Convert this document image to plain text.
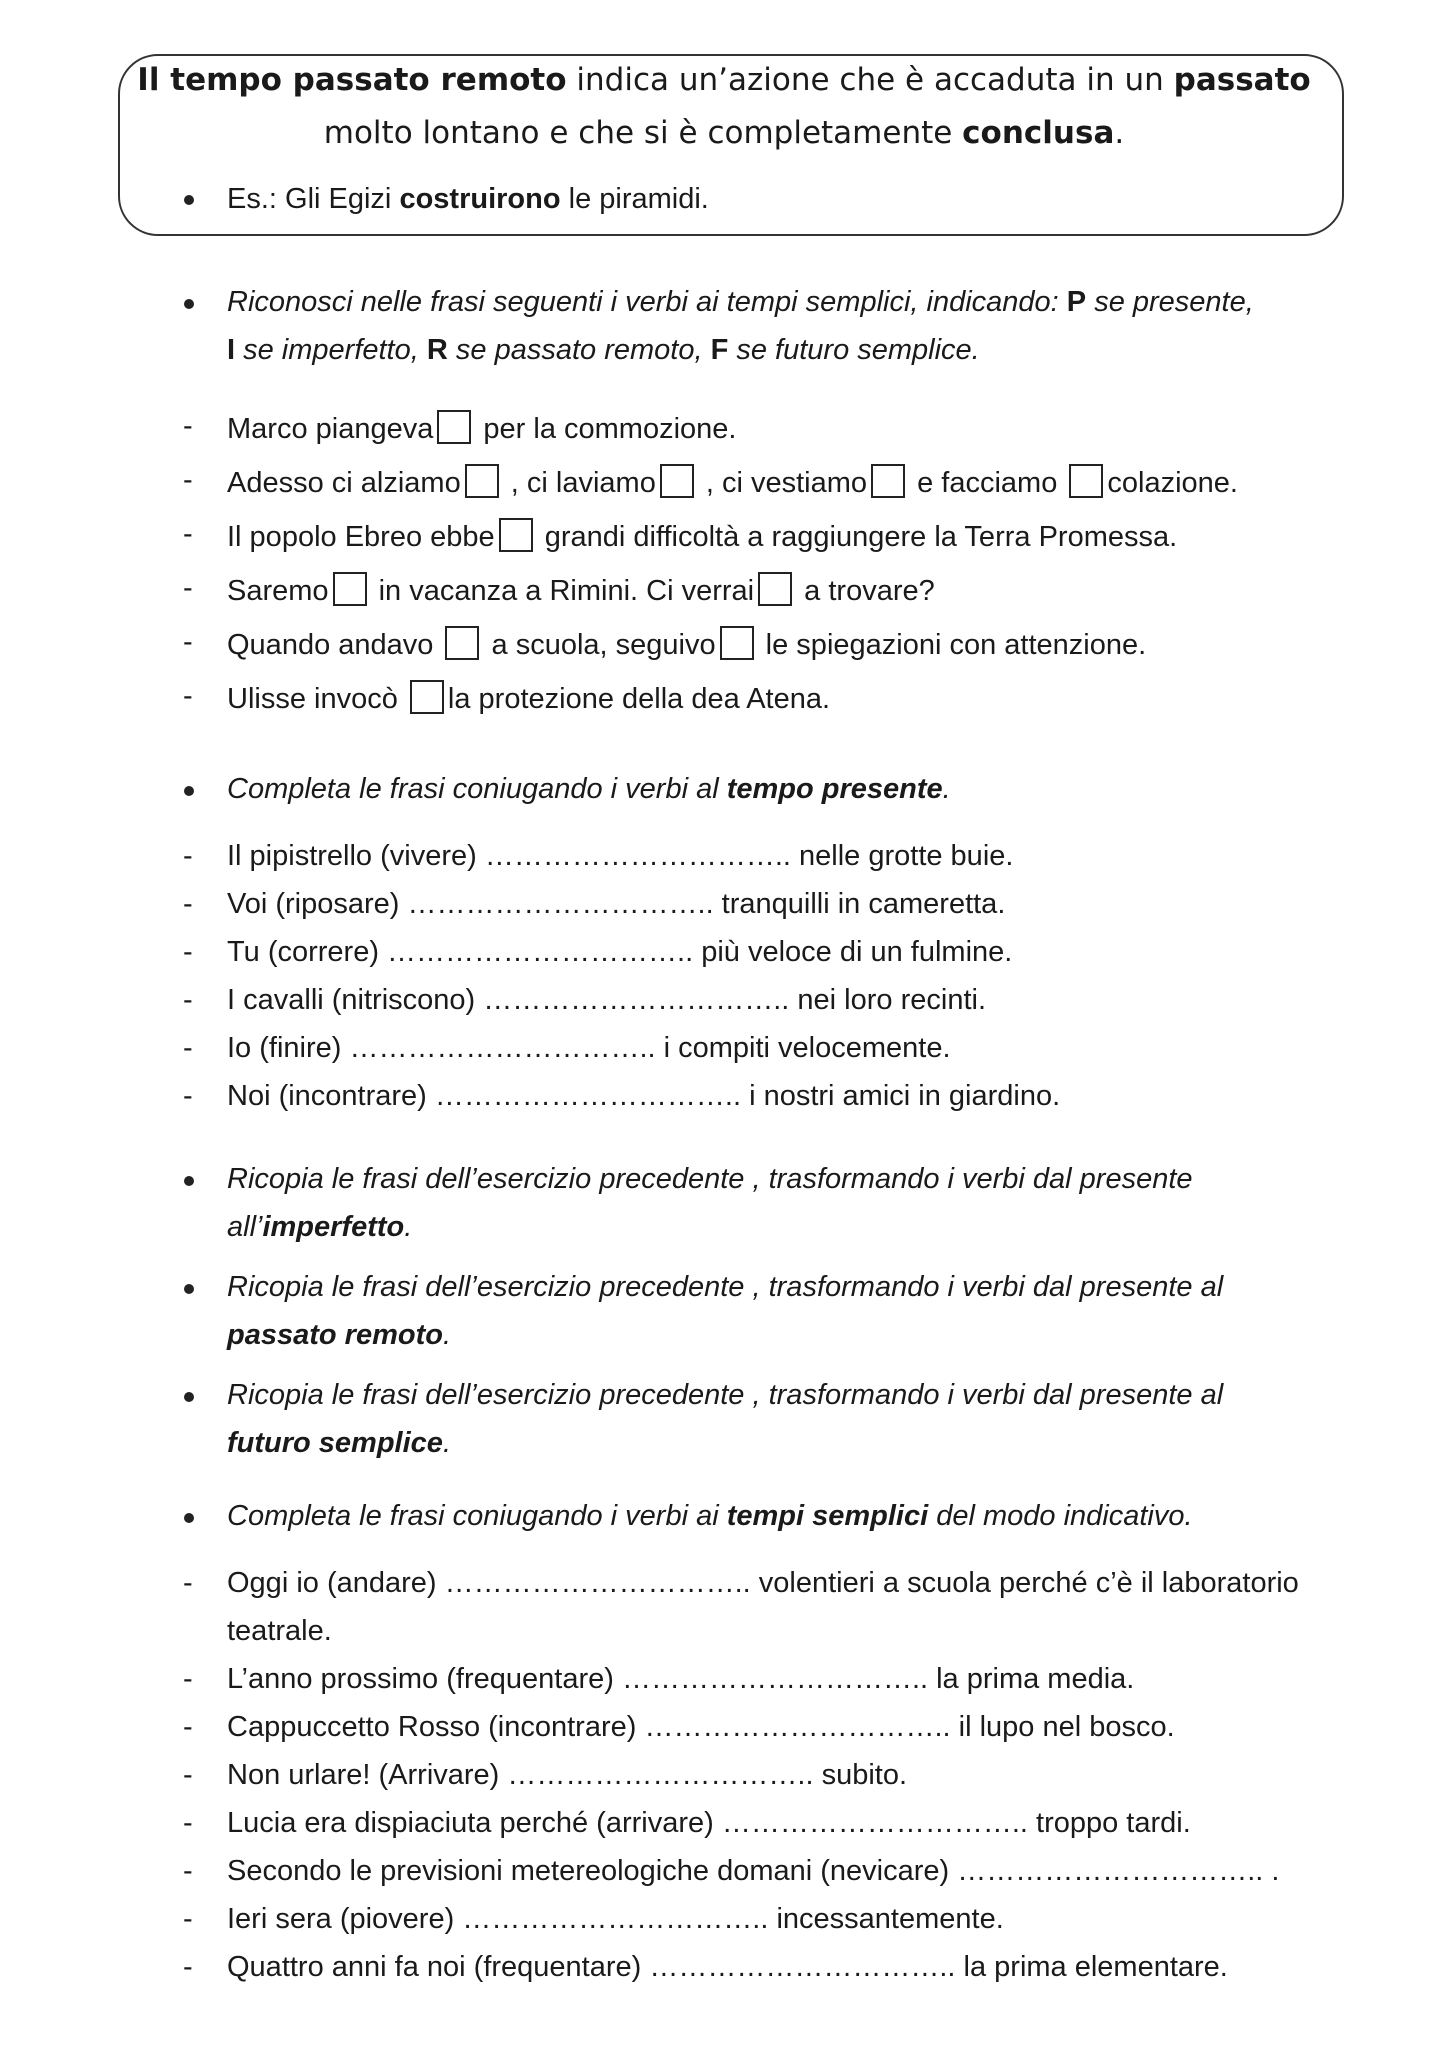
Il tempo passato remoto indica un’azione che è accaduta in un passato
molto lontano e che si è completamente conclusa.
Es.: Gli Egizi costruirono le piramidi.
Riconosci nelle frasi seguenti i verbi ai tempi semplici, indicando: P se presente,
I se imperfetto, R se passato remoto, F se futuro semplice.
- Marco piangeva per la commozione.
- Adesso ci alziamo , ci laviamo , ci vestiamo e facciamo colazione.
- Il popolo Ebreo ebbe grandi difficoltà a raggiungere la Terra Promessa.
- Saremo in vacanza a Rimini. Ci verrai a trovare?
- Quando andavo  a scuola, seguivo le spiegazioni con attenzione.
- Ulisse invocò la protezione della dea Atena.
Completa le frasi coniugando i verbi al tempo presente.
- Il pipistrello (vivere) ………………………….. nelle grotte buie.
- Voi (riposare) ………………………….. tranquilli in cameretta.
- Tu (correre) ………………………….. più veloce di un fulmine.
- I cavalli (nitriscono) ………………………….. nei loro recinti.
- Io (finire) ………………………….. i compiti velocemente.
- Noi (incontrare) ………………………….. i nostri amici in giardino.
Ricopia le frasi dell’esercizio precedente , trasformando i verbi dal presente
all’imperfetto.
Ricopia le frasi dell’esercizio precedente , trasformando i verbi dal presente al
passato remoto.
Ricopia le frasi dell’esercizio precedente , trasformando i verbi dal presente al
futuro semplice.
Completa le frasi coniugando i verbi ai tempi semplici del modo indicativo.
- Oggi io (andare) ………………………….. volentieri a scuola perché c’è il laboratorio
teatrale.
- L’anno prossimo (frequentare) ………………………….. la prima media.
- Cappuccetto Rosso (incontrare) ………………………….. il lupo nel bosco.
- Non urlare! (Arrivare) ………………………….. subito.
- Lucia era dispiaciuta perché (arrivare) ………………………….. troppo tardi.
- Secondo le previsioni metereologiche domani (nevicare) ………………………….. .
- Ieri sera (piovere) ………………………….. incessantemente.
- Quattro anni fa noi (frequentare) ………………………….. la prima elementare.
